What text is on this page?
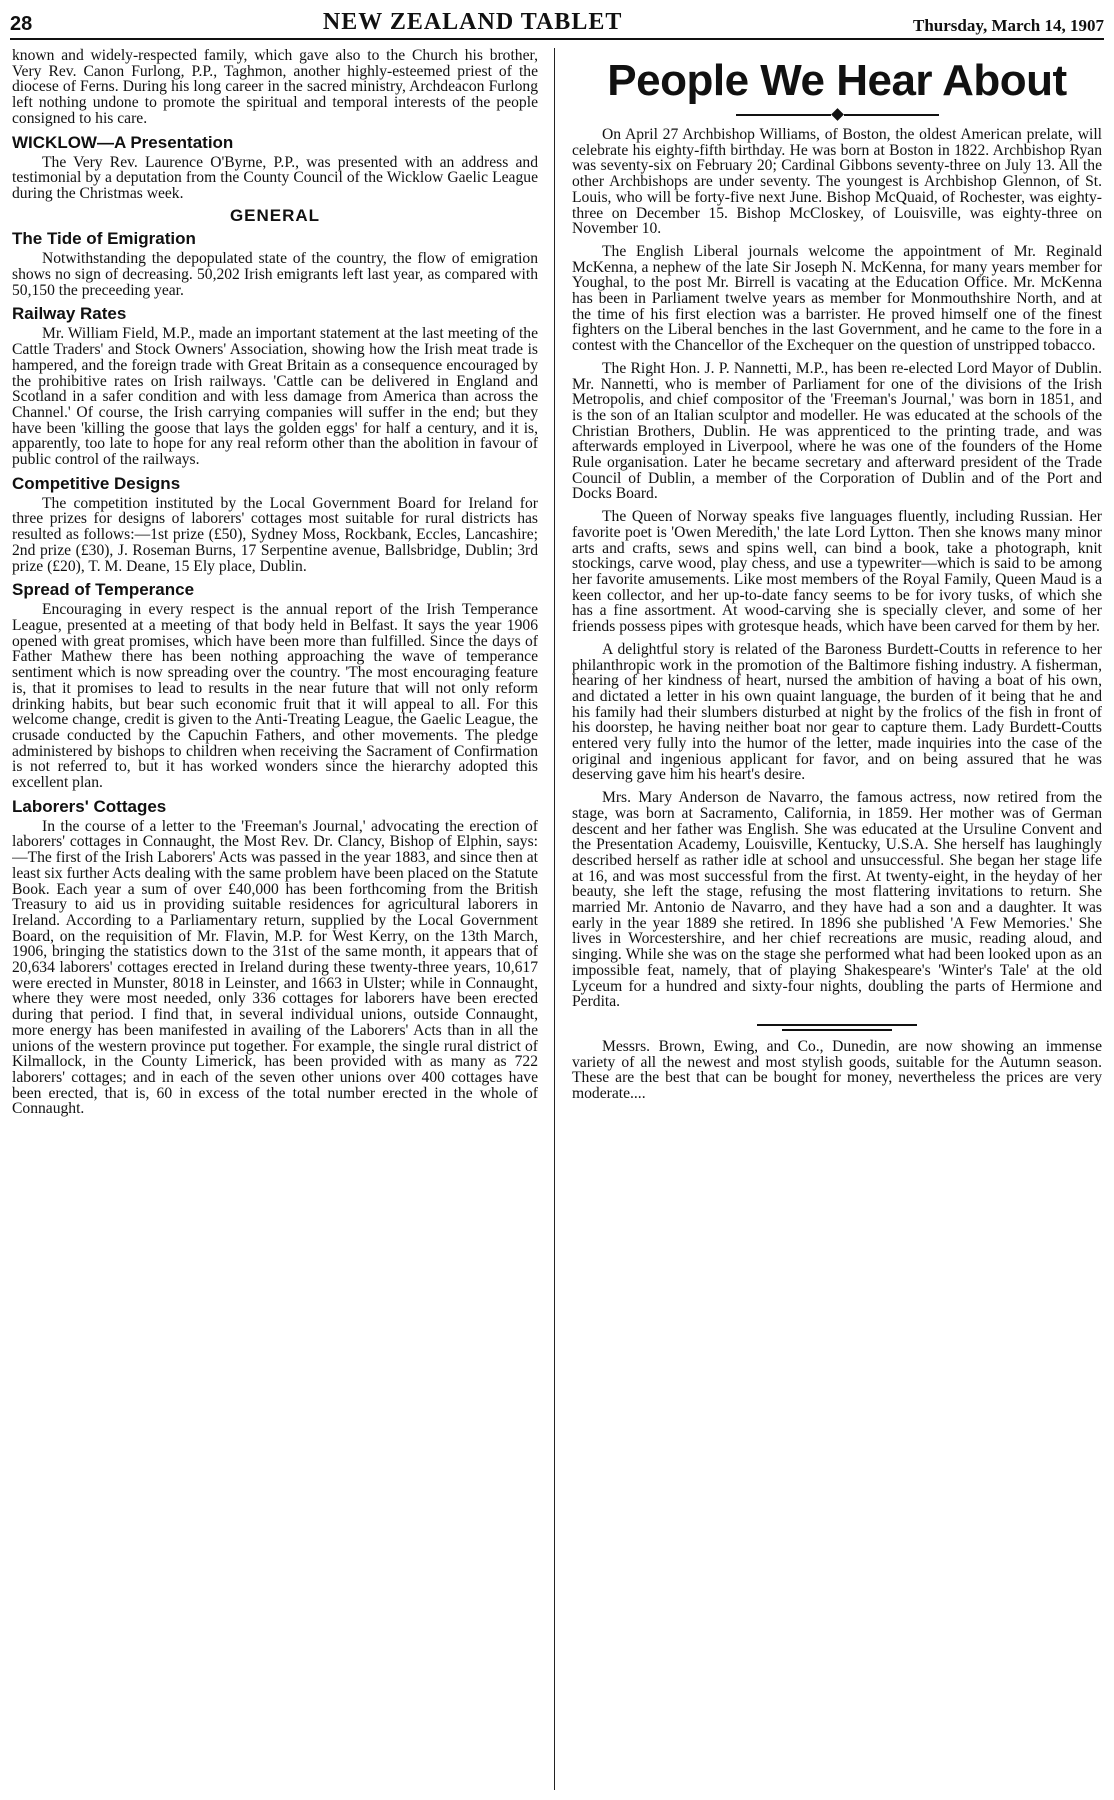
28	NEW ZEALAND TABLET	Thursday, March 14, 1907

known and widely-respected family, which gave also to the Church his brother, Very Rev. Canon Furlong, P.P., Taghmon, another highly-esteemed priest of the diocese of Ferns. During his long career in the sacred ministry, Archdeacon Furlong left nothing undone to promote the spiritual and temporal interests of the people consigned to his care.

WICKLOW—A Presentation

The Very Rev. Laurence O'Byrne, P.P., was presented with an address and testimonial by a deputation from the County Council of the Wicklow Gaelic League during the Christmas week.

GENERAL
The Tide of Emigration

Notwithstanding the depopulated state of the country, the flow of emigration shows no sign of decreasing. 50,202 Irish emigrants left last year, as compared with 50,150 the preceeding year.

Railway Rates

Mr. William Field, M.P., made an important statement at the last meeting of the Cattle Traders' and Stock Owners' Association, showing how the Irish meat trade is hampered, and the foreign trade with Great Britain as a consequence encouraged by the prohibitive rates on Irish railways. 'Cattle can be delivered in England and Scotland in a safer condition and with less damage from America than across the Channel.' Of course, the Irish carrying companies will suffer in the end; but they have been 'killing the goose that lays the golden eggs' for half a century, and it is, apparently, too late to hope for any real reform other than the abolition in favour of public control of the railways.

Competitive Designs

The competition instituted by the Local Government Board for Ireland for three prizes for designs of laborers' cottages most suitable for rural districts has resulted as follows:—1st prize (£50), Sydney Moss, Rockbank, Eccles, Lancashire; 2nd prize (£30), J. Roseman Burns, 17 Serpentine avenue, Ballsbridge, Dublin; 3rd prize (£20), T. M. Deane, 15 Ely place, Dublin.

Spread of Temperance

Encouraging in every respect is the annual report of the Irish Temperance League, presented at a meeting of that body held in Belfast. It says the year 1906 opened with great promises, which have been more than fulfilled. Since the days of Father Mathew there has been nothing approaching the wave of temperance sentiment which is now spreading over the country. 'The most encouraging feature is, that it promises to lead to results in the near future that will not only reform drinking habits, but bear such economic fruit that it will appeal to all. For this welcome change, credit is given to the Anti-Treating League, the Gaelic League, the crusade conducted by the Capuchin Fathers, and other movements. The pledge administered by bishops to children when receiving the Sacrament of Confirmation is not referred to, but it has worked wonders since the hierarchy adopted this excellent plan.

Laborers' Cottages

In the course of a letter to the 'Freeman's Journal,' advocating the erection of laborers' cottages in Connaught, the Most Rev. Dr. Clancy, Bishop of Elphin, says:—The first of the Irish Laborers' Acts was passed in the year 1883, and since then at least six further Acts dealing with the same problem have been placed on the Statute Book. Each year a sum of over £40,000 has been forthcoming from the British Treasury to aid us in providing suitable residences for agricultural laborers in Ireland. According to a Parliamentary return, supplied by the Local Government Board, on the requisition of Mr. Flavin, M.P. for West Kerry, on the 13th March, 1906, bringing the statistics down to the 31st of the same month, it appears that of 20,634 laborers' cottages erected in Ireland during these twenty-three years, 10,617 were erected in Munster, 8018 in Leinster, and 1663 in Ulster; while in Connaught, where they were most needed, only 336 cottages for laborers have been erected during that period. I find that, in several individual unions, outside Connaught, more energy has been manifested in availing of the Laborers' Acts than in all the unions of the western province put together. For example, the single rural district of Kilmallock, in the County Limerick, has been provided with as many as 722 laborers' cottages; and in each of the seven other unions over 400 cottages have been erected, that is, 60 in excess of the total number erected in the whole of Connaught.

People We Hear About

On April 27 Archbishop Williams, of Boston, the oldest American prelate, will celebrate his eighty-fifth birthday. He was born at Boston in 1822. Archbishop Ryan was seventy-six on February 20; Cardinal Gibbons seventy-three on July 13. All the other Archbishops are under seventy. The youngest is Archbishop Glennon, of St. Louis, who will be forty-five next June. Bishop McQuaid, of Rochester, was eighty-three on December 15. Bishop McCloskey, of Louisville, was eighty-three on November 10.

The English Liberal journals welcome the appointment of Mr. Reginald McKenna, a nephew of the late Sir Joseph N. McKenna, for many years member for Youghal, to the post Mr. Birrell is vacating at the Education Office. Mr. McKenna has been in Parliament twelve years as member for Monmouthshire North, and at the time of his first election was a barrister. He proved himself one of the finest fighters on the Liberal benches in the last Government, and he came to the fore in a contest with the Chancellor of the Exchequer on the question of unstripped tobacco.

The Right Hon. J. P. Nannetti, M.P., has been re-elected Lord Mayor of Dublin. Mr. Nannetti, who is member of Parliament for one of the divisions of the Irish Metropolis, and chief compositor of the 'Freeman's Journal,' was born in 1851, and is the son of an Italian sculptor and modeller. He was educated at the schools of the Christian Brothers, Dublin. He was apprenticed to the printing trade, and was afterwards employed in Liverpool, where he was one of the founders of the Home Rule organisation. Later he became secretary and afterward president of the Trade Council of Dublin, a member of the Corporation of Dublin and of the Port and Docks Board.

The Queen of Norway speaks five languages fluently, including Russian. Her favorite poet is 'Owen Meredith,' the late Lord Lytton. Then she knows many minor arts and crafts, sews and spins well, can bind a book, take a photograph, knit stockings, carve wood, play chess, and use a typewriter—which is said to be among her favorite amusements. Like most members of the Royal Family, Queen Maud is a keen collector, and her up-to-date fancy seems to be for ivory tusks, of which she has a fine assortment. At wood-carving she is specially clever, and some of her friends possess pipes with grotesque heads, which have been carved for them by her.

A delightful story is related of the Baroness Burdett-Coutts in reference to her philanthropic work in the promotion of the Baltimore fishing industry. A fisherman, hearing of her kindness of heart, nursed the ambition of having a boat of his own, and dictated a letter in his own quaint language, the burden of it being that he and his family had their slumbers disturbed at night by the frolics of the fish in front of his doorstep, he having neither boat nor gear to capture them. Lady Burdett-Coutts entered very fully into the humor of the letter, made inquiries into the case of the original and ingenious applicant for favor, and on being assured that he was deserving gave him his heart's desire.

Mrs. Mary Anderson de Navarro, the famous actress, now retired from the stage, was born at Sacramento, California, in 1859. Her mother was of German descent and her father was English. She was educated at the Ursuline Convent and the Presentation Academy, Louisville, Kentucky, U.S.A. She herself has laughingly described herself as rather idle at school and unsuccessful. She began her stage life at 16, and was most successful from the first. At twenty-eight, in the heyday of her beauty, she left the stage, refusing the most flattering invitations to return. She married Mr. Antonio de Navarro, and they have had a son and a daughter. It was early in the year 1889 she retired. In 1896 she published 'A Few Memories.' She lives in Worcestershire, and her chief recreations are music, reading aloud, and singing. While she was on the stage she performed what had been looked upon as an impossible feat, namely, that of playing Shakespeare's 'Winter's Tale' at the old Lyceum for a hundred and sixty-four nights, doubling the parts of Hermione and Perdita.

Messrs. Brown, Ewing, and Co., Dunedin, are now showing an immense variety of all the newest and most stylish goods, suitable for the Autumn season. These are the best that can be bought for money, nevertheless the prices are very moderate....
